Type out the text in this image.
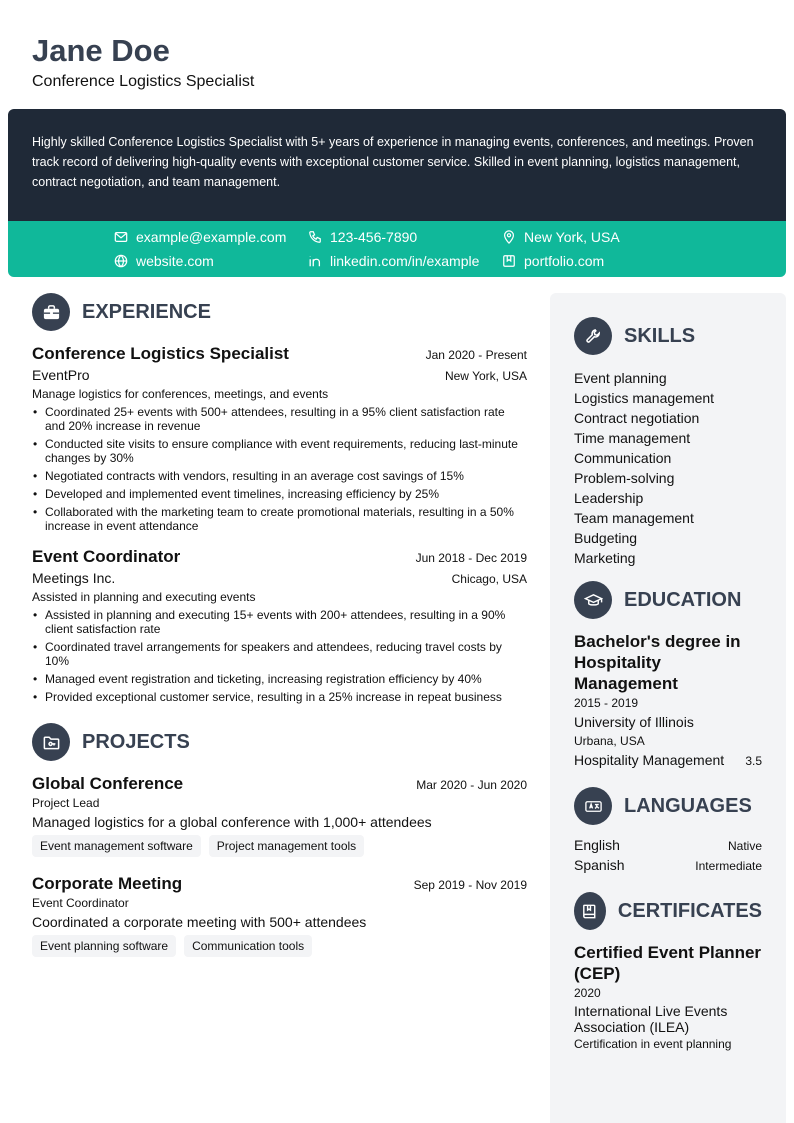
Jane Doe
Conference Logistics Specialist

Highly skilled Conference Logistics Specialist with 5+ years of experience in managing events, conferences, and meetings. Proven track record of delivering high-quality events with exceptional customer service. Skilled in event planning, logistics management, contract negotiation, and team management.

example@example.com	123-456-7890	New York, USA
website.com	linkedin.com/in/example	portfolio.com
EXPERIENCE
Conference Logistics Specialist	Jan 2020 - Present
EventPro	New York, USA
Manage logistics for conferences, meetings, and events
• Coordinated 25+ events with 500+ attendees, resulting in a 95% client satisfaction rate and 20% increase in revenue
• Conducted site visits to ensure compliance with event requirements, reducing last-minute changes by 30%
• Negotiated contracts with vendors, resulting in an average cost savings of 15%
• Developed and implemented event timelines, increasing efficiency by 25%
• Collaborated with the marketing team to create promotional materials, resulting in a 50% increase in event attendance
Event Coordinator	Jun 2018 - Dec 2019
Meetings Inc.	Chicago, USA
Assisted in planning and executing events
• Assisted in planning and executing 15+ events with 200+ attendees, resulting in a 90% client satisfaction rate
• Coordinated travel arrangements for speakers and attendees, reducing travel costs by 10%
• Managed event registration and ticketing, increasing registration efficiency by 40%
• Provided exceptional customer service, resulting in a 25% increase in repeat business
PROJECTS
Global Conference	Mar 2020 - Jun 2020
Project Lead
Managed logistics for a global conference with 1,000+ attendees
Event management software	Project management tools
Corporate Meeting	Sep 2019 - Nov 2019
Event Coordinator
Coordinated a corporate meeting with 500+ attendees
Event planning software	Communication tools
SKILLS
Event planning
Logistics management
Contract negotiation
Time management
Communication
Problem-solving
Leadership
Team management
Budgeting
Marketing
EDUCATION
Bachelor's degree in Hospitality Management
2015 - 2019
University of Illinois
Urbana, USA
Hospitality Management 3.5
LANGUAGES
English	Native
Spanish	Intermediate
CERTIFICATES
Certified Event Planner (CEP)
2020
International Live Events Association (ILEA)
Certification in event planning
